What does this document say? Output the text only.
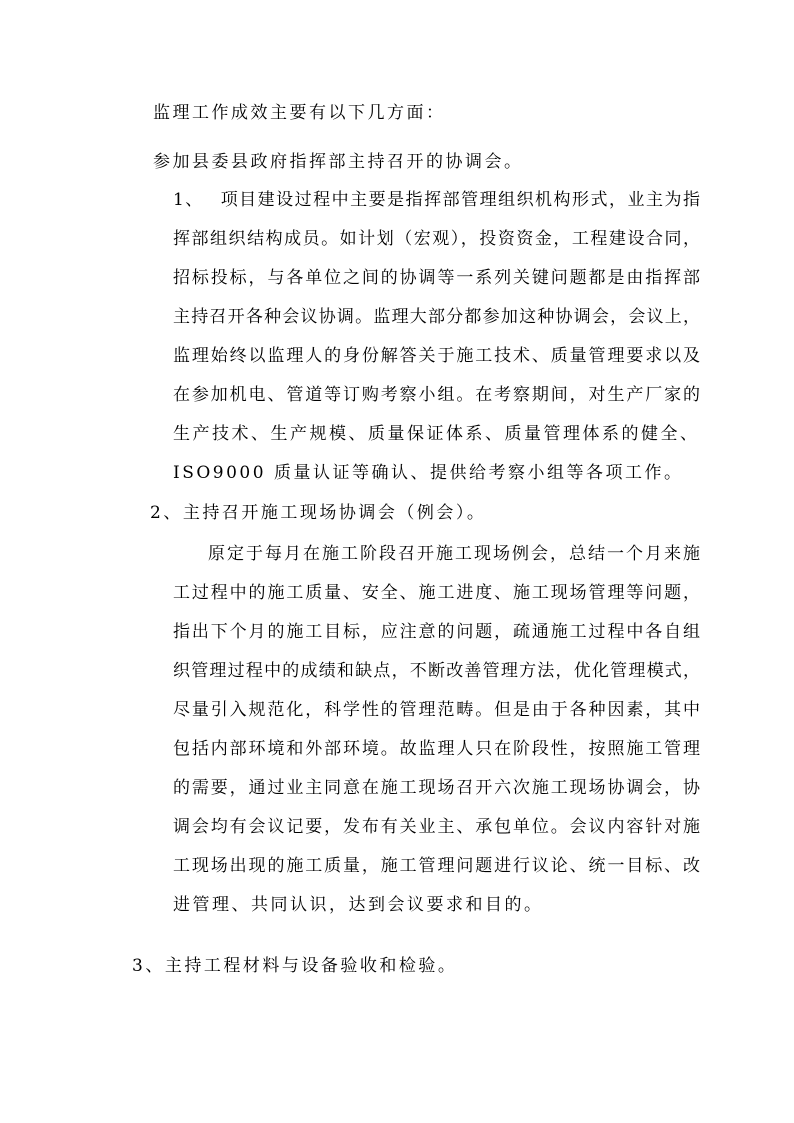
监理工作成效主要有以下几方面：
参加县委县政府指挥部主持召开的协调会。
1、　 项目建设过程中主要是指挥部管理组织机构形式，业主为指
挥部组织结构成员。如计划（宏观），投资资金，工程建设合同，
招标投标，与各单位之间的协调等一系列关键问题都是由指挥部
主持召开各种会议协调。监理大部分都参加这种协调会，会议上，
监理始终以监理人的身份解答关于施工技术、质量管理要求以及
在参加机电、管道等订购考察小组。在考察期间，对生产厂家的
生产技术、生产规模、质量保证体系、质量管理体系的健全、
ISO9000 质量认证等确认、提供给考察小组等各项工作。
2、主持召开施工现场协调会（例会）。
原定于每月在施工阶段召开施工现场例会，总结一个月来施
工过程中的施工质量、安全、施工进度、施工现场管理等问题，
指出下个月的施工目标，应注意的问题，疏通施工过程中各自组
织管理过程中的成绩和缺点，不断改善管理方法，优化管理模式，
尽量引入规范化，科学性的管理范畴。但是由于各种因素，其中
包括内部环境和外部环境。故监理人只在阶段性，按照施工管理
的需要，通过业主同意在施工现场召开六次施工现场协调会，协
调会均有会议记要，发布有关业主、承包单位。会议内容针对施
工现场出现的施工质量，施工管理问题进行议论、统一目标、改
进管理、共同认识，达到会议要求和目的。
3、主持工程材料与设备验收和检验。
